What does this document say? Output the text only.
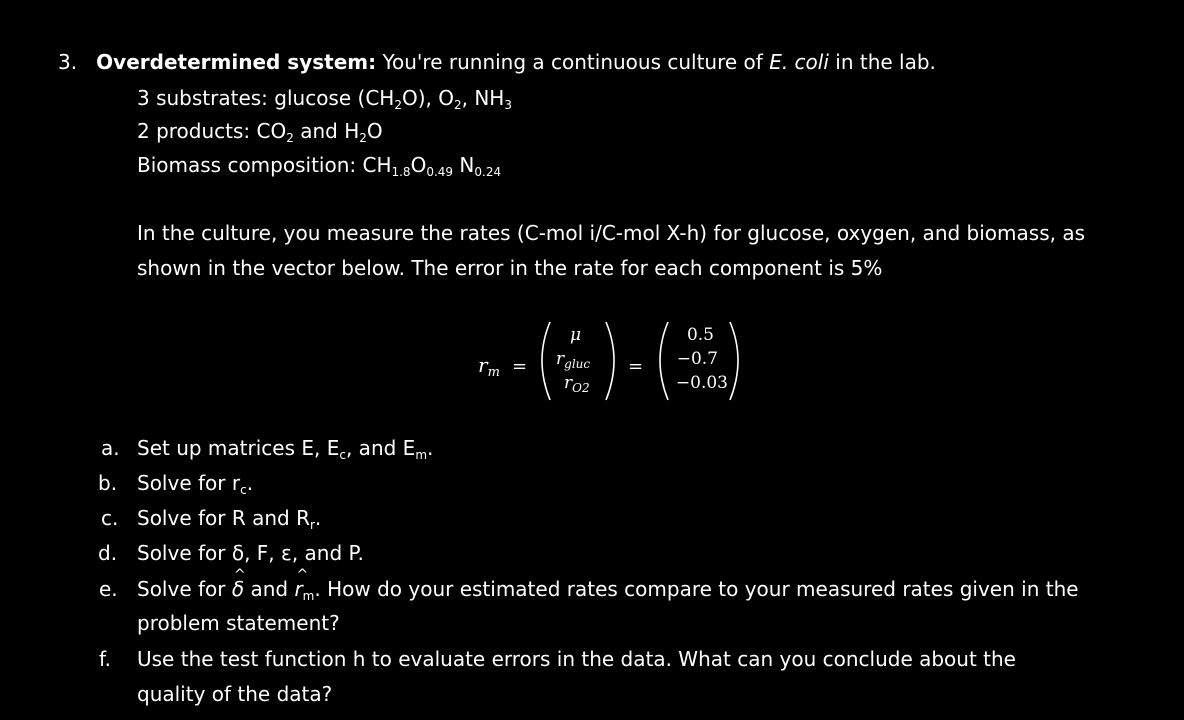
3. Overdetermined system: You're running a continuous culture of E. coli in the lab.
3 substrates: glucose $(CH_2O)$, $O_2$, $NH_3$
2 products: $CO_2$ and $H_2O$
Biomass composition: $CH_{1.8}O_{0.49}$ $N_{0.24}$
In the culture, you measure the rates (C-mol i/C-mol X-h) for glucose, oxygen, and biomass, as
shown in the vector below. The error in the rate for each component is 5%
$r_m$ =
μ
$r_{gluc}$
$r_{O2}$
=
0.5
−0.7
−0.03
a. Set up matrices E, $E_c$, and $E_m$.
b. Solve for $r_c$.
c. Solve for R and $R_r$.
d. Solve for δ, F, ε, and P.
e. Solve for δ ^ and r $\^{}_m$. How do your estimated rates compare to your measured rates given in the
problem statement?
f. Use the test function h to evaluate errors in the data. What can you conclude about the
quality of the data?
